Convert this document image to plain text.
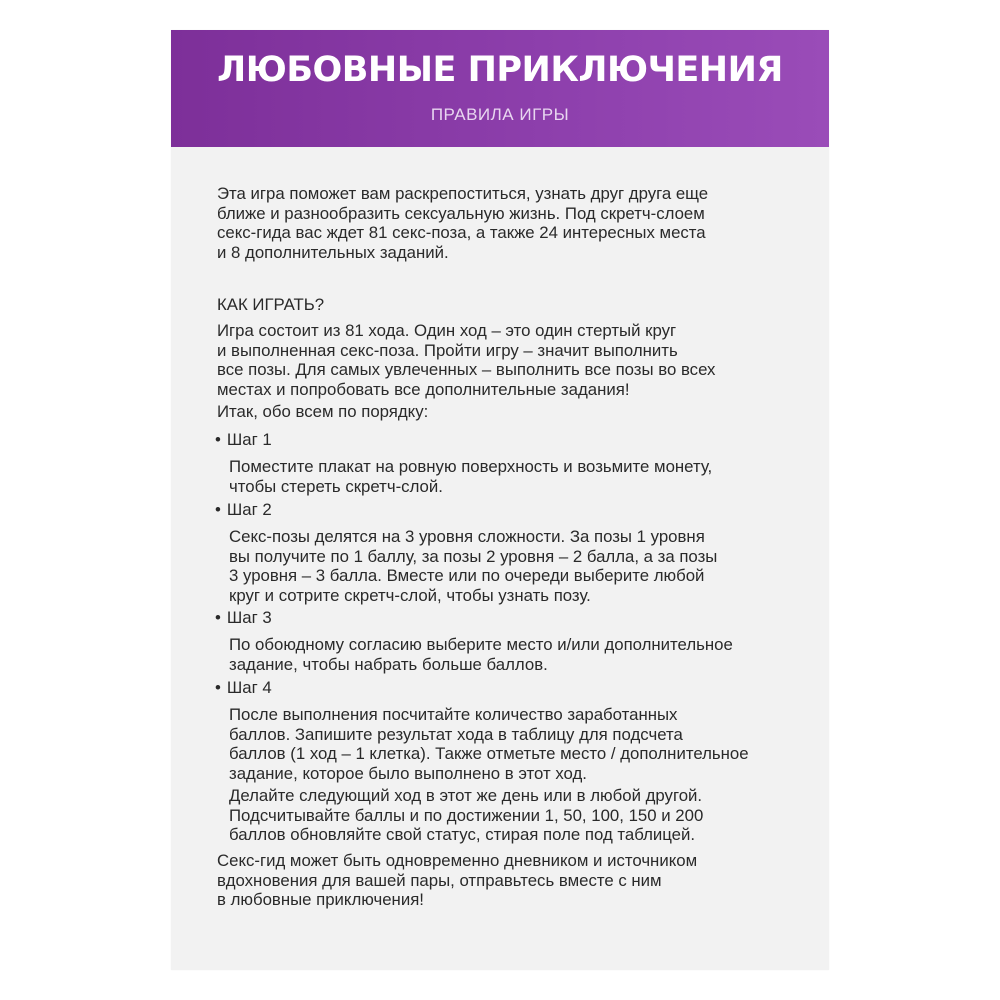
ЛЮБОВНЫЕ ПРИКЛЮЧЕНИЯ
ПРАВИЛА ИГРЫ
Эта игра поможет вам раскрепоститься, узнать друг друга еще
ближе и разнообразить сексуальную жизнь. Под скретч-слоем
секс-гида вас ждет 81 секс-поза, а также 24 интересных места
и 8 дополнительных заданий.
КАК ИГРАТЬ?
Игра состоит из 81 хода. Один ход – это один стертый круг
и выполненная секс-поза. Пройти игру – значит выполнить
все позы. Для самых увлеченных – выполнить все позы во всех
местах и попробовать все дополнительные задания!
Итак, обо всем по порядку:
• Шаг 1
Поместите плакат на ровную поверхность и возьмите монету,
чтобы стереть скретч-слой.
• Шаг 2
Секс-позы делятся на 3 уровня сложности. За позы 1 уровня
вы получите по 1 баллу, за позы 2 уровня – 2 балла, а за позы
3 уровня – 3 балла. Вместе или по очереди выберите любой
круг и сотрите скретч-слой, чтобы узнать позу.
• Шаг 3
По обоюдному согласию выберите место и/или дополнительное
задание, чтобы набрать больше баллов.
• Шаг 4
После выполнения посчитайте количество заработанных
баллов. Запишите результат хода в таблицу для подсчета
баллов (1 ход – 1 клетка). Также отметьте место / дополнительное
задание, которое было выполнено в этот ход.
Делайте следующий ход в этот же день или в любой другой.
Подсчитывайте баллы и по достижении 1, 50, 100, 150 и 200
баллов обновляйте свой статус, стирая поле под таблицей.
Секс-гид может быть одновременно дневником и источником
вдохновения для вашей пары, отправьтесь вместе с ним
в любовные приключения!
